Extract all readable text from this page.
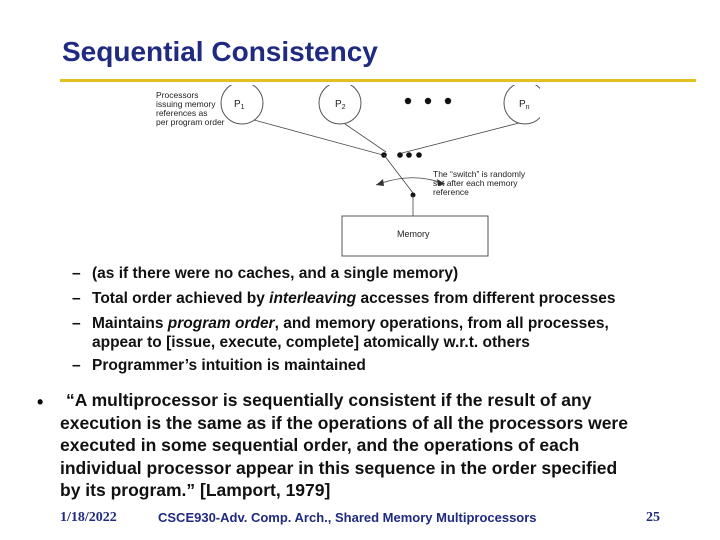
Sequential Consistency
Processors
issuing memory
references as
per program order
$P_1$	$P_2$	$P_n$
The “switch” is randomly
set after each memory
reference
Memory
– (as if there were no caches, and a single memory)
– Total order achieved by interleaving accesses from different processes
– Maintains program order, and memory operations, from all processes,
appear to [issue, execute, complete] atomically w.r.t. others
– Programmer’s intuition is maintained
•	“A multiprocessor is sequentially consistent if the result of any
execution is the same as if the operations of all the processors were
executed in some sequential order, and the operations of each
individual processor appear in this sequence in the order specified
by its program.” [Lamport, 1979]
1/18/2022	CSCE930-Adv. Comp. Arch., Shared Memory Multiprocessors	25
